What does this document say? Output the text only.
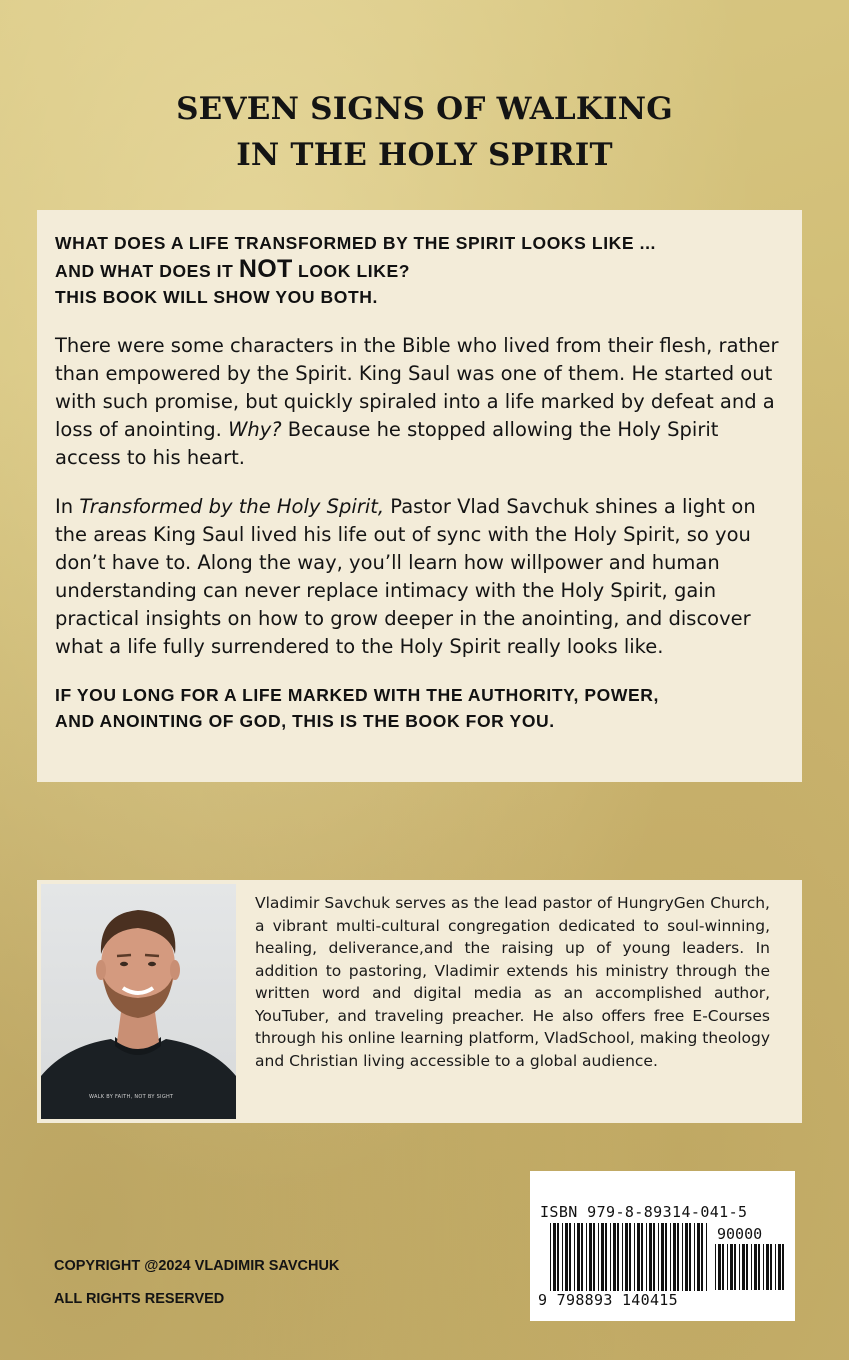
SEVEN SIGNS OF WALKING
IN THE HOLY SPIRIT
WHAT DOES A LIFE TRANSFORMED BY THE SPIRIT LOOKS LIKE ...
AND WHAT DOES IT NOT LOOK LIKE?
THIS BOOK WILL SHOW YOU BOTH.

There were some characters in the Bible who lived from their flesh, rather than empowered by the Spirit. King Saul was one of them. He started out with such promise, but quickly spiraled into a life marked by defeat and a loss of anointing. Why? Because he stopped allowing the Holy Spirit access to his heart.

In Transformed by the Holy Spirit, Pastor Vlad Savchuk shines a light on the areas King Saul lived his life out of sync with the Holy Spirit, so you don’t have to. Along the way, you’ll learn how willpower and human understanding can never replace intimacy with the Holy Spirit, gain practical insights on how to grow deeper in the anointing, and discover what a life fully surrendered to the Holy Spirit really looks like.

IF YOU LONG FOR A LIFE MARKED WITH THE AUTHORITY, POWER,
AND ANOINTING OF GOD, THIS IS THE BOOK FOR YOU.
WALK BY FAITH, NOT BY SIGHT

Vladimir Savchuk serves as the lead pastor of HungryGen Church, a vibrant multi-cultural congregation dedicated to soul-winning, healing, deliverance,and the raising up of young leaders. In addition to pastoring, Vladimir extends his ministry through the written word and digital media as an accomplished author, YouTuber, and traveling preacher. He also offers free E-Courses through his online learning platform, VladSchool, making theology and Christian living accessible to a global audience.

ISBN 979-8-89314-041-5
90000
9 798893 140415
COPYRIGHT @2024 VLADIMIR SAVCHUK
ALL RIGHTS RESERVED
